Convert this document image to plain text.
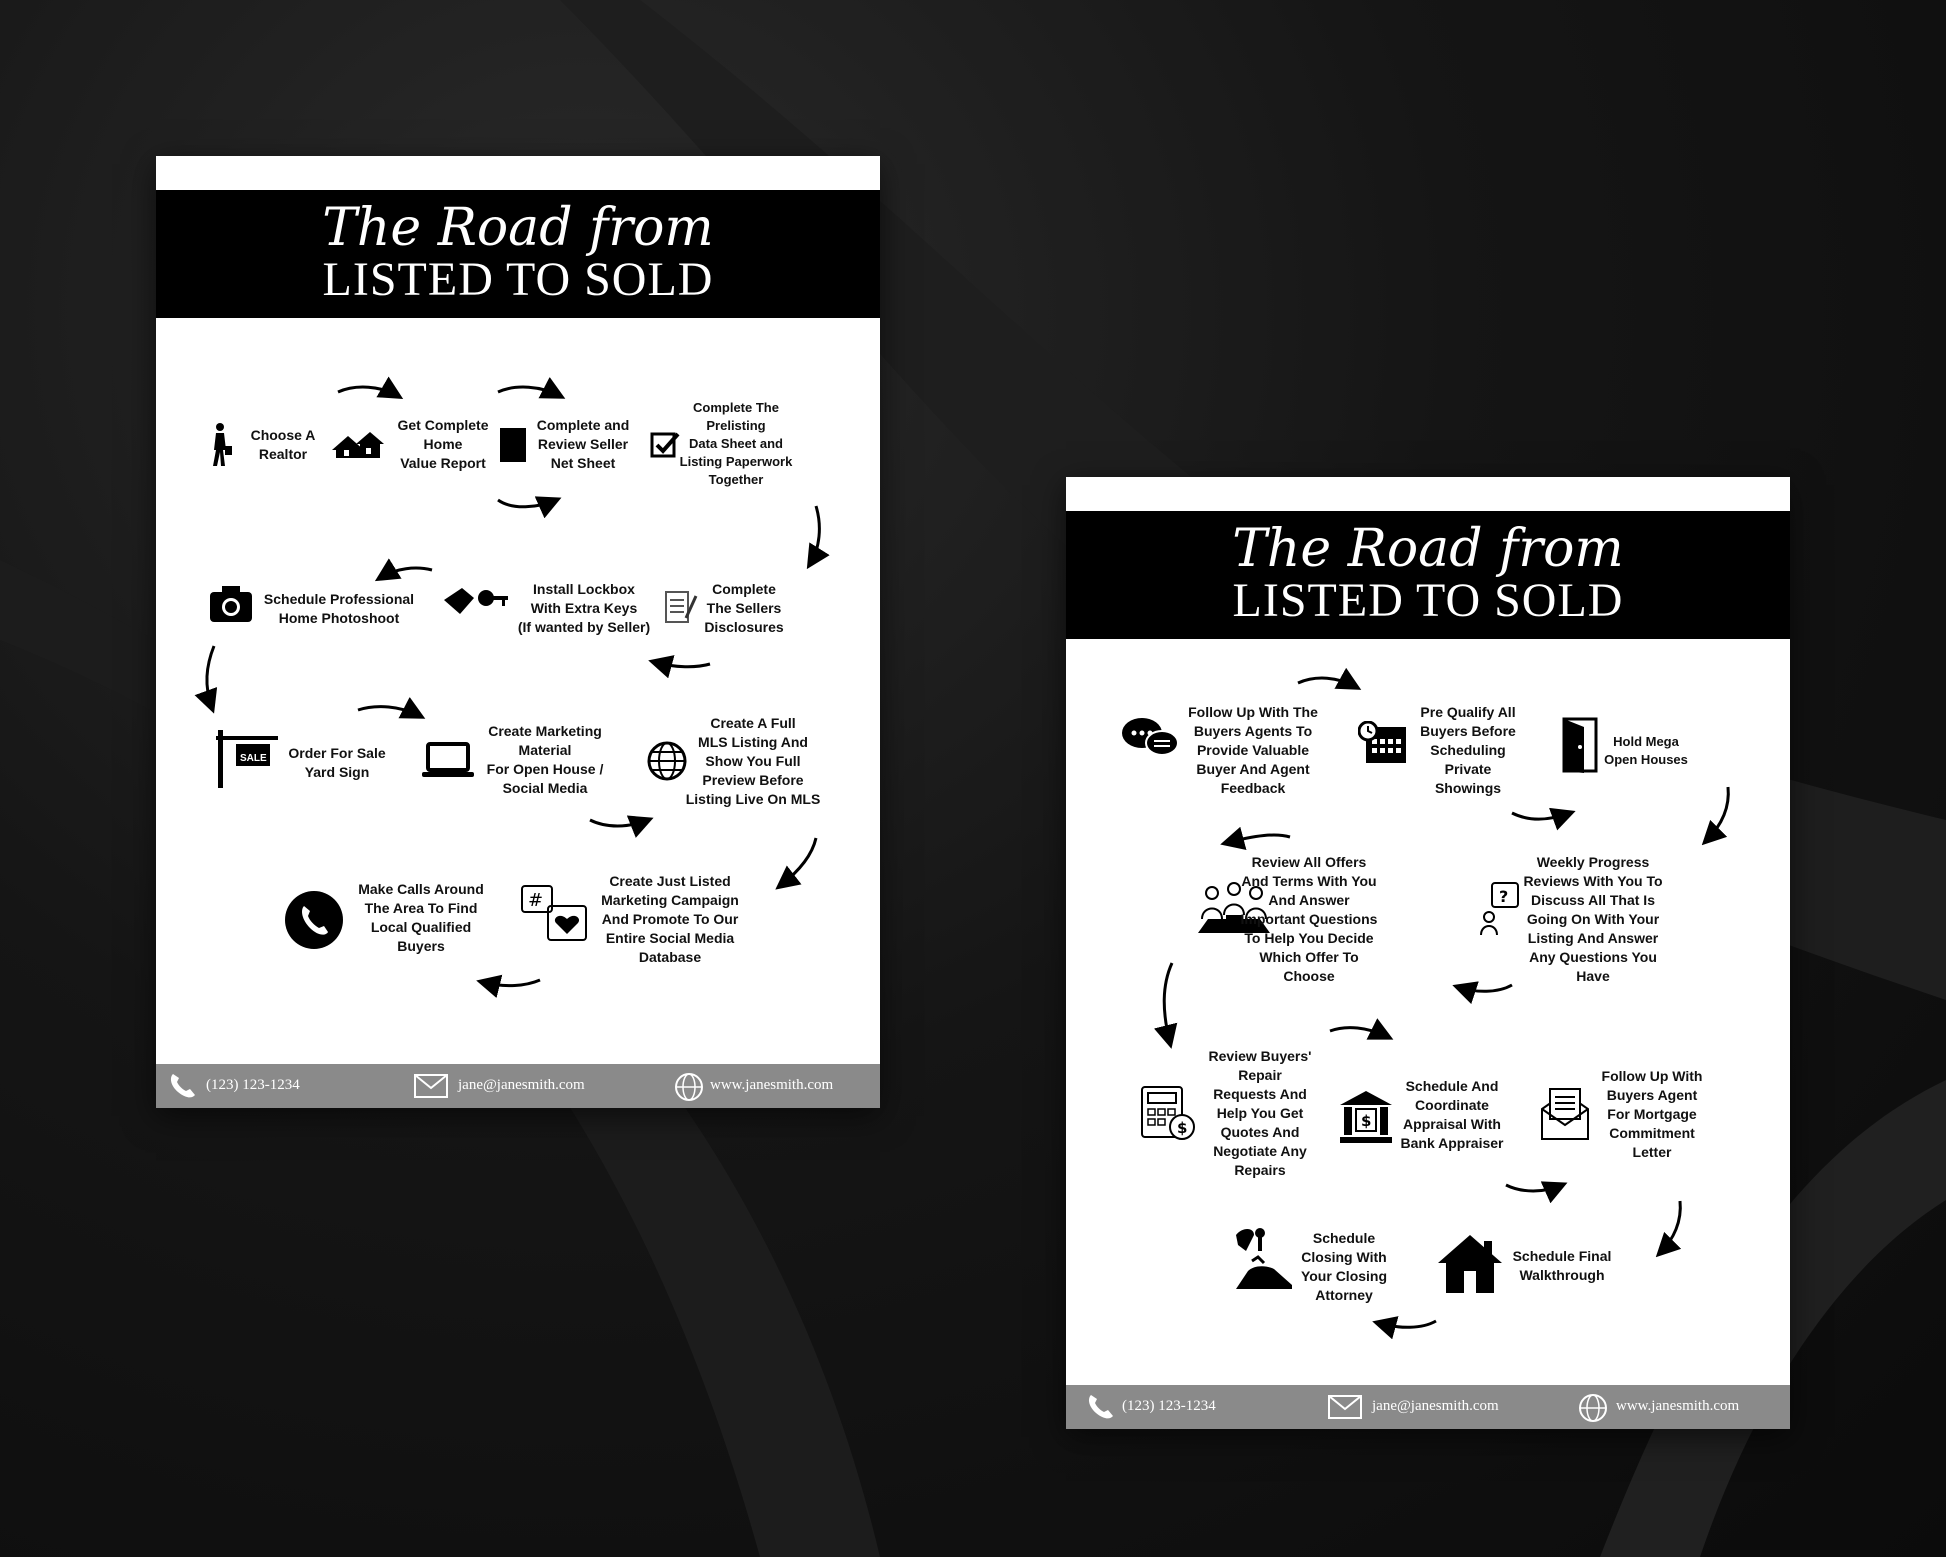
The Road from
LISTED TO SOLD
Choose A
Realtor
Get Complete
Home
Value Report
Complete and
Review Seller
Net Sheet
Complete The
Prelisting
Data Sheet and
Listing Paperwork
Together
Schedule Professional
Home Photoshoot
Install Lockbox
With Extra Keys
(If wanted by Seller)
Complete
The Sellers
Disclosures
SALE	Order For Sale
Yard Sign
Create Marketing
Material
For Open House /
Social Media
Create A Full
MLS Listing And
Show You Full
Preview Before
Listing Live On MLS
Make Calls Around
The Area To Find
Local Qualified
Buyers
#
Create Just Listed
Marketing Campaign
And Promote To Our
Entire Social Media
Database
(123) 123-1234	jane@janesmith.com	www.janesmith.com
The Road from
LISTED TO SOLD
Follow Up With The
Buyers Agents To
Provide Valuable
Buyer And Agent
Feedback
Pre Qualify All
Buyers Before
Scheduling
Private
Showings
Hold Mega
Open Houses
Review All Offers
And Terms With You
And Answer
Important Questions
To Help You Decide
Which Offer To
Choose
?
Weekly Progress
Reviews With You To
Discuss All That Is
Going On With Your
Listing And Answer
Any Questions You
Have
$
Review Buyers'
Repair
Requests And
Help You Get
Quotes And
Negotiate Any
Repairs
$
Schedule And
Coordinate
Appraisal With
Bank Appraiser
Follow Up With
Buyers Agent
For Mortgage
Commitment
Letter
Schedule
Closing With
Your Closing
Attorney
Schedule Final
Walkthrough
(123) 123-1234	jane@janesmith.com	www.janesmith.com
